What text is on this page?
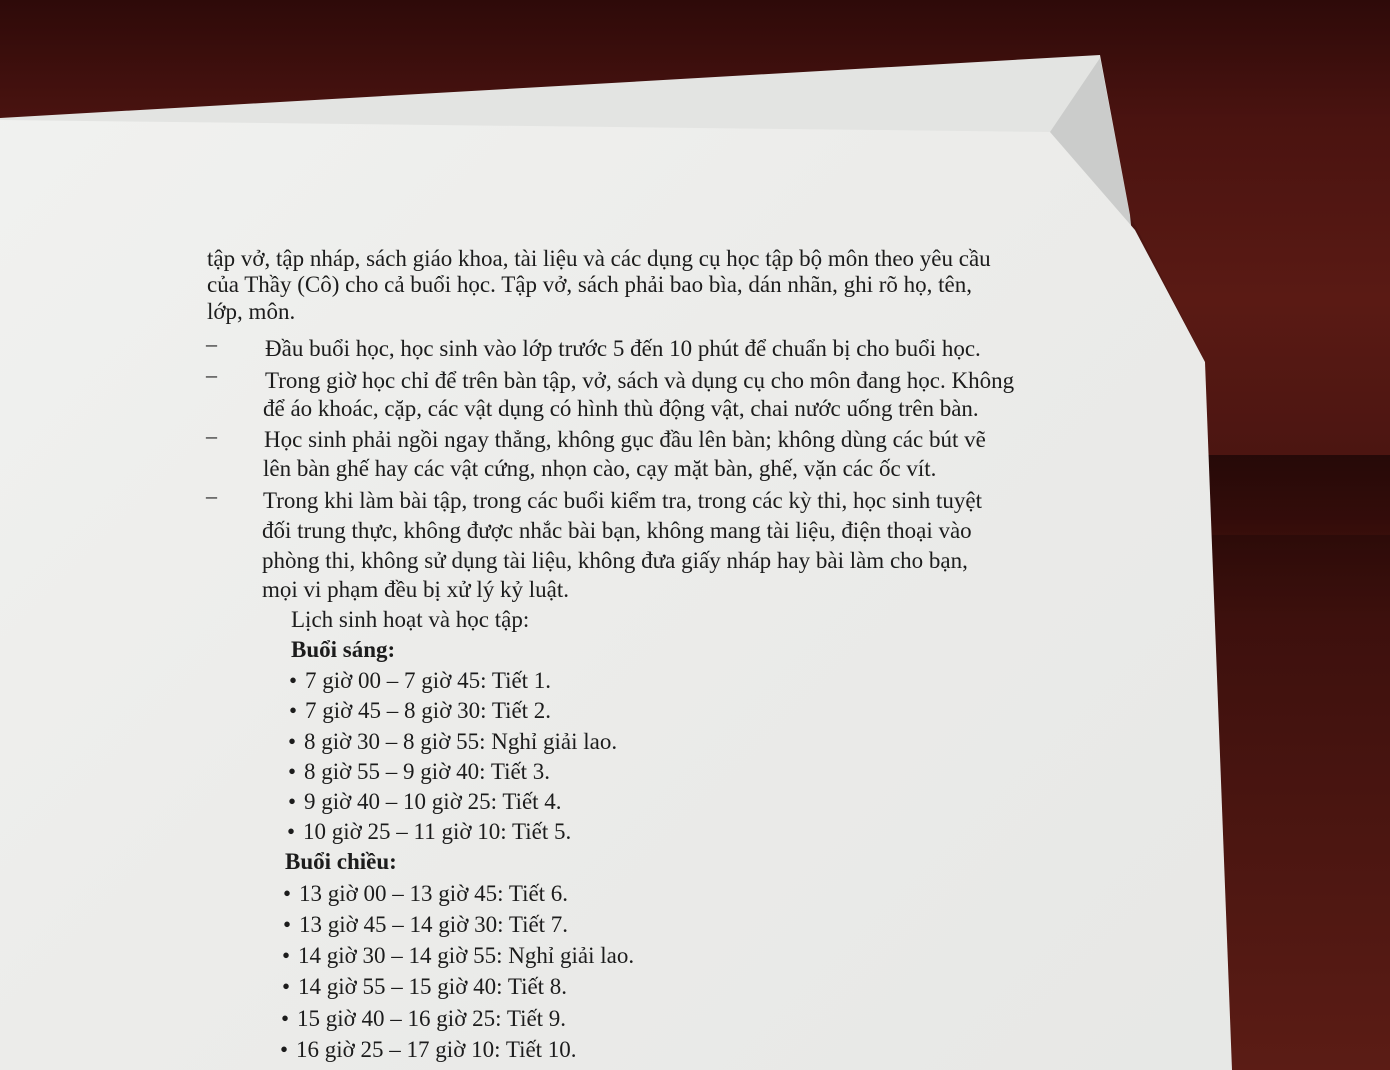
tập vở, tập nháp, sách giáo khoa, tài liệu và các dụng cụ học tập bộ môn theo yêu cầu
của Thầy (Cô) cho cả buổi học. Tập vở, sách phải bao bìa, dán nhãn, ghi rõ họ, tên,
lớp, môn.
– Đầu buổi học, học sinh vào lớp trước 5 đến 10 phút để chuẩn bị cho buổi học.
– Trong giờ học chỉ để trên bàn tập, vở, sách và dụng cụ cho môn đang học. Không
để áo khoác, cặp, các vật dụng có hình thù động vật, chai nước uống trên bàn.
– Học sinh phải ngồi ngay thẳng, không gục đầu lên bàn; không dùng các bút vẽ
lên bàn ghế hay các vật cứng, nhọn cào, cạy mặt bàn, ghế, vặn các ốc vít.
– Trong khi làm bài tập, trong các buổi kiểm tra, trong các kỳ thi, học sinh tuyệt
đối trung thực, không được nhắc bài bạn, không mang tài liệu, điện thoại vào
phòng thi, không sử dụng tài liệu, không đưa giấy nháp hay bài làm cho bạn,
mọi vi phạm đều bị xử lý kỷ luật.
Lịch sinh hoạt và học tập:
Buổi sáng:
• 7 giờ 00 – 7 giờ 45: Tiết 1.
• 7 giờ 45 – 8 giờ 30: Tiết 2.
• 8 giờ 30 – 8 giờ 55: Nghỉ giải lao.
• 8 giờ 55 – 9 giờ 40: Tiết 3.
• 9 giờ 40 – 10 giờ 25: Tiết 4.
• 10 giờ 25 – 11 giờ 10: Tiết 5.
Buổi chiều:
• 13 giờ 00 – 13 giờ 45: Tiết 6.
• 13 giờ 45 – 14 giờ 30: Tiết 7.
• 14 giờ 30 – 14 giờ 55: Nghỉ giải lao.
• 14 giờ 55 – 15 giờ 40: Tiết 8.
• 15 giờ 40 – 16 giờ 25: Tiết 9.
• 16 giờ 25 – 17 giờ 10: Tiết 10.
